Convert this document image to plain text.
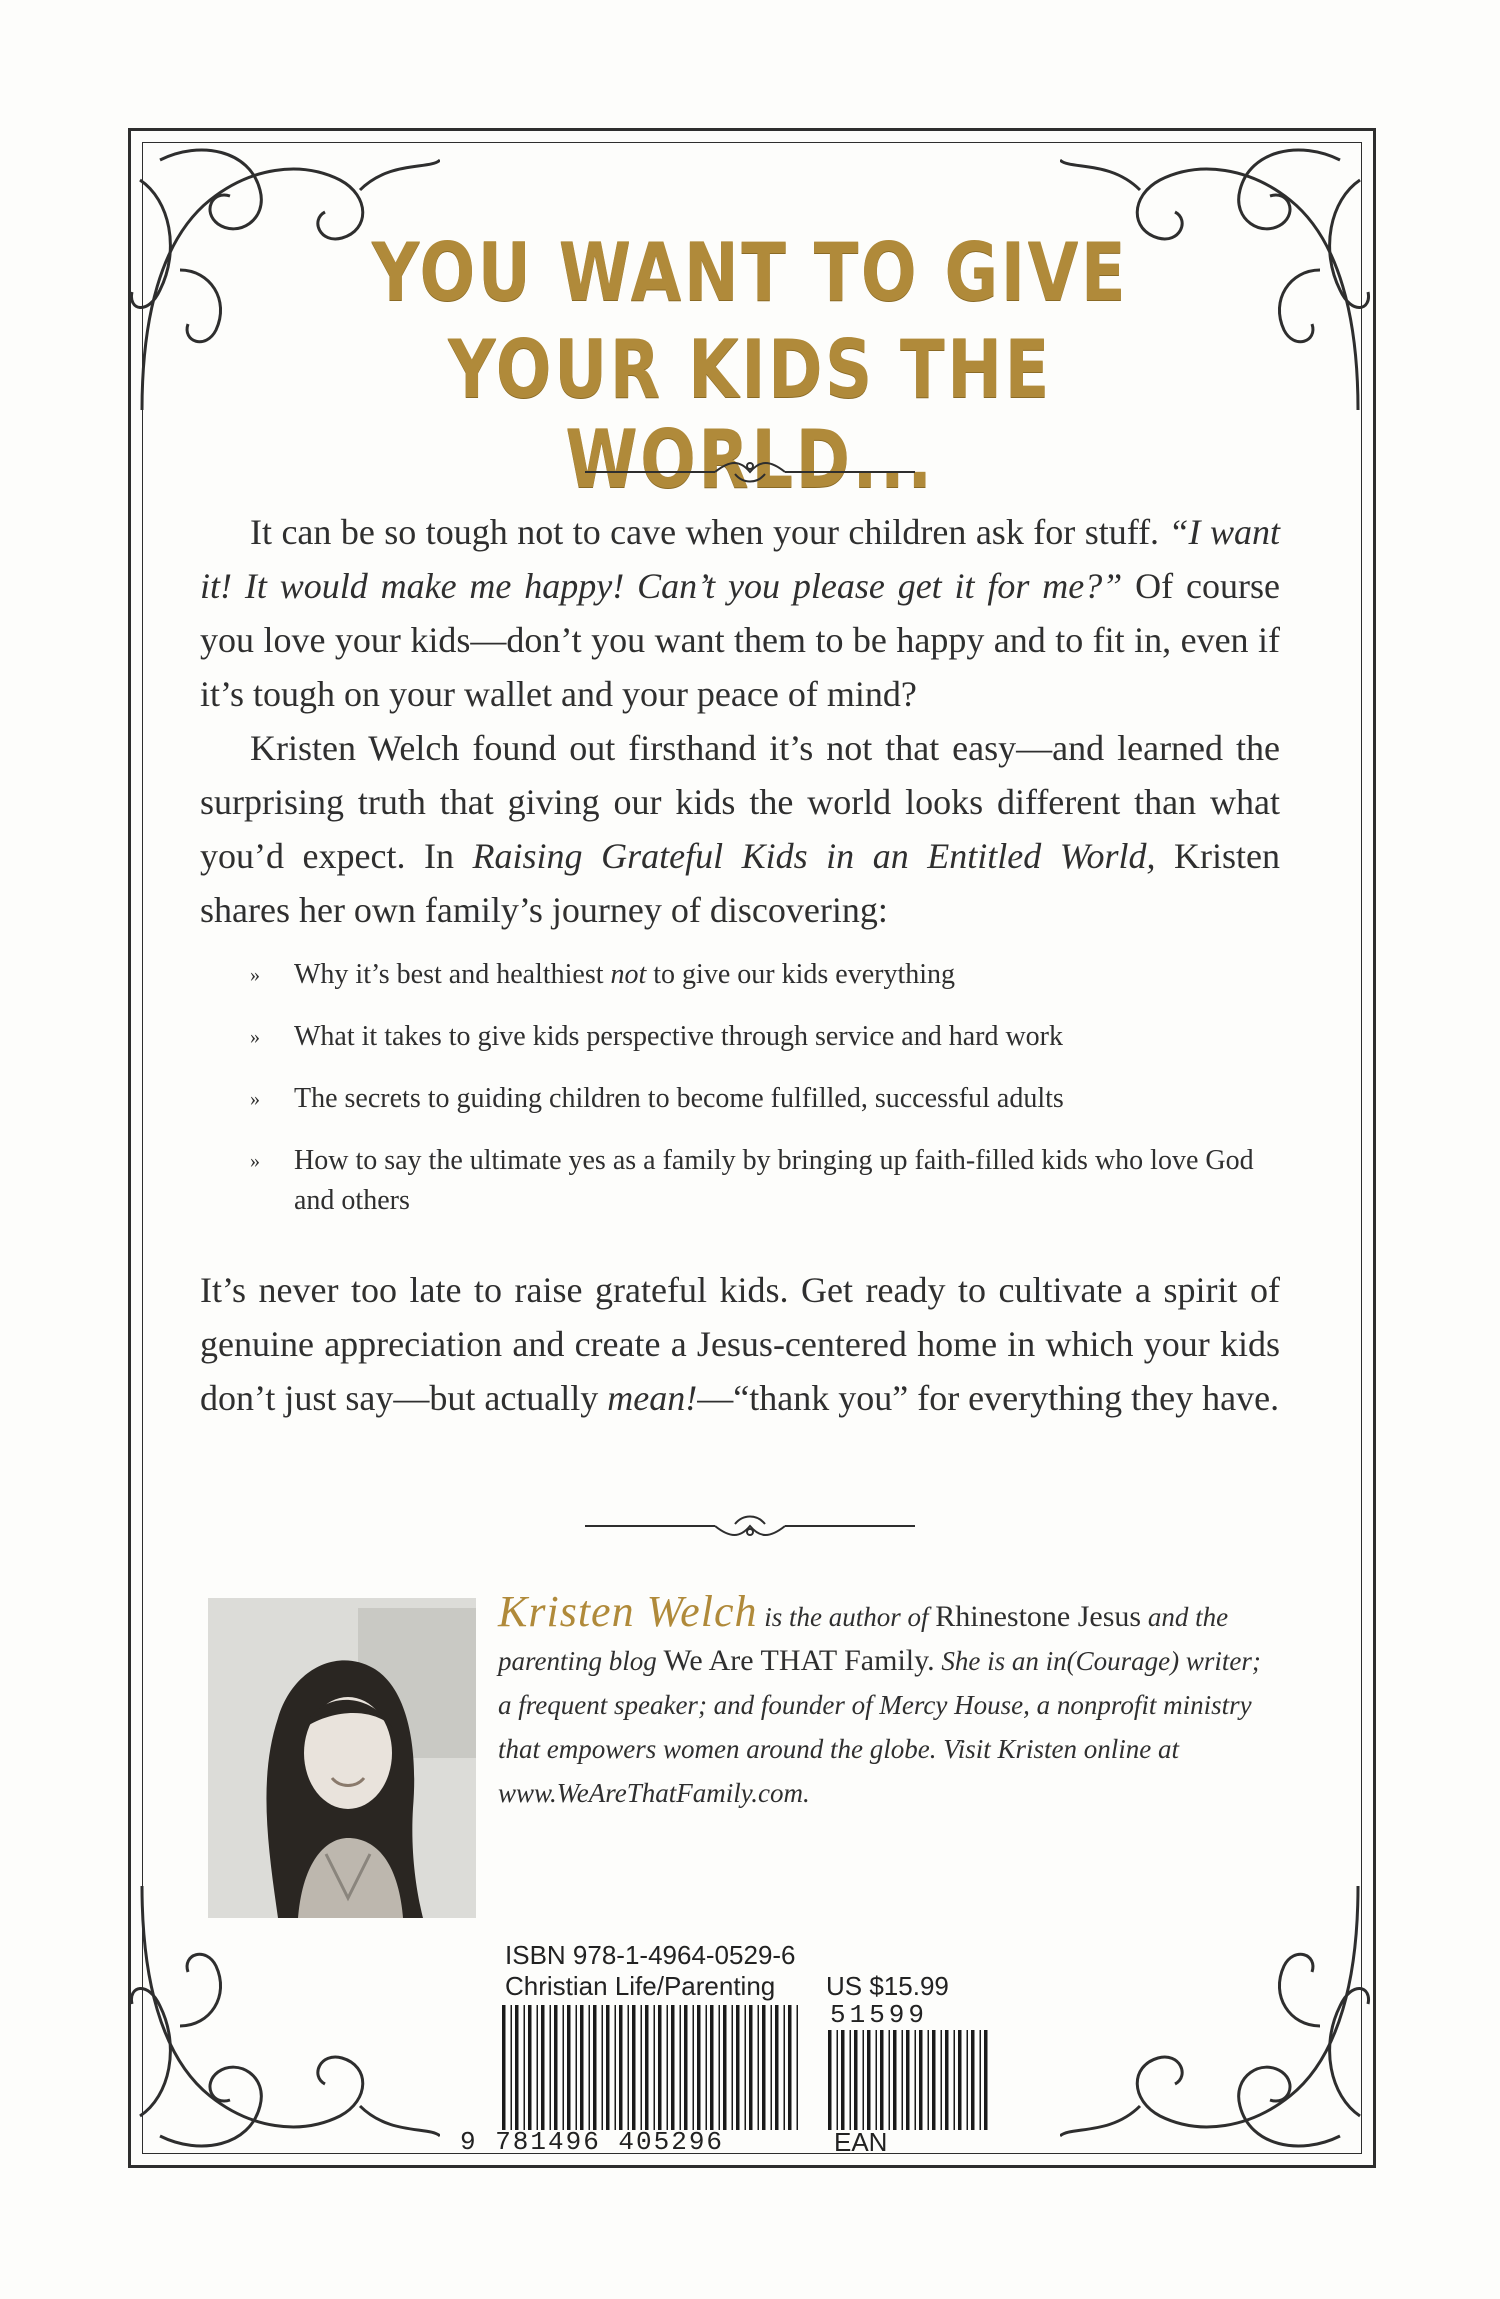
YOU WANT TO GIVE
YOUR KIDS THE WORLD...
It can be so tough not to cave when your children ask for stuff. “I want it! It would make me happy! Can’t you please get it for me?” Of course you love your kids—don’t you want them to be happy and to fit in, even if it’s tough on your wallet and your peace of mind?
Kristen Welch found out firsthand it’s not that easy—and learned the surprising truth that giving our kids the world looks different than what you’d expect. In Raising Grateful Kids in an Entitled World, Kristen shares her own family’s journey of discovering:
» Why it’s best and healthiest not to give our kids everything
» What it takes to give kids perspective through service and hard work
» The secrets to guiding children to become fulfilled, successful adults
» How to say the ultimate yes as a family by bringing up faith-filled kids who love God and others
It’s never too late to raise grateful kids. Get ready to cultivate a spirit of genuine appreciation and create a Jesus-centered home in which your kids don’t just say—but actually mean!—“thank you” for everything they have.
Kristen Welch is the author of Rhinestone Jesus and the parenting blog We Are THAT Family. She is an in(Courage) writer; a frequent speaker; and founder of Mercy House, a nonprofit ministry that empowers women around the globe. Visit Kristen online at www.WeAreThatFamily.com.
ISBN 978-1-4964-0529-6
Christian Life/Parenting	US $15.99
51599
9 781496 405296	EAN
